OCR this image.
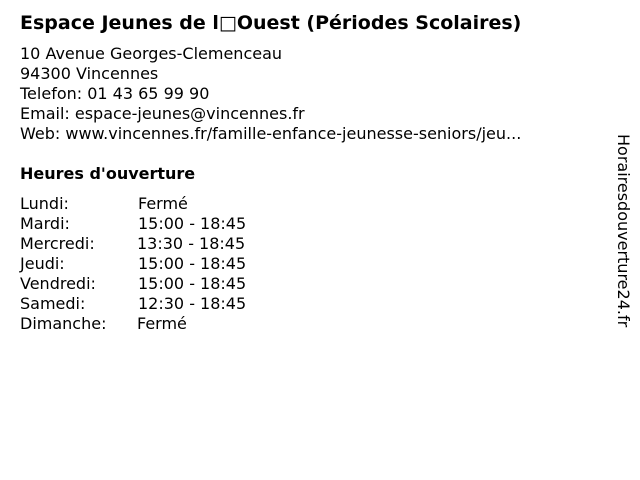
Espace Jeunes de l□Ouest (Périodes Scolaires)
10 Avenue Georges-Clemenceau
94300 Vincennes
Telefon: 01 43 65 99 90
Email: espace-jeunes@vincennes.fr
Web: www.vincennes.fr/famille-enfance-jeunesse-seniors/jeu...
Heures d'ouverture
Lundi:	Fermé
Mardi:	15:00 - 18:45
Mercredi:	13:30 - 18:45
Jeudi:	15:00 - 18:45
Vendredi:	15:00 - 18:45
Samedi:	12:30 - 18:45
Dimanche: Fermé	Horairesdouverture24.fr
